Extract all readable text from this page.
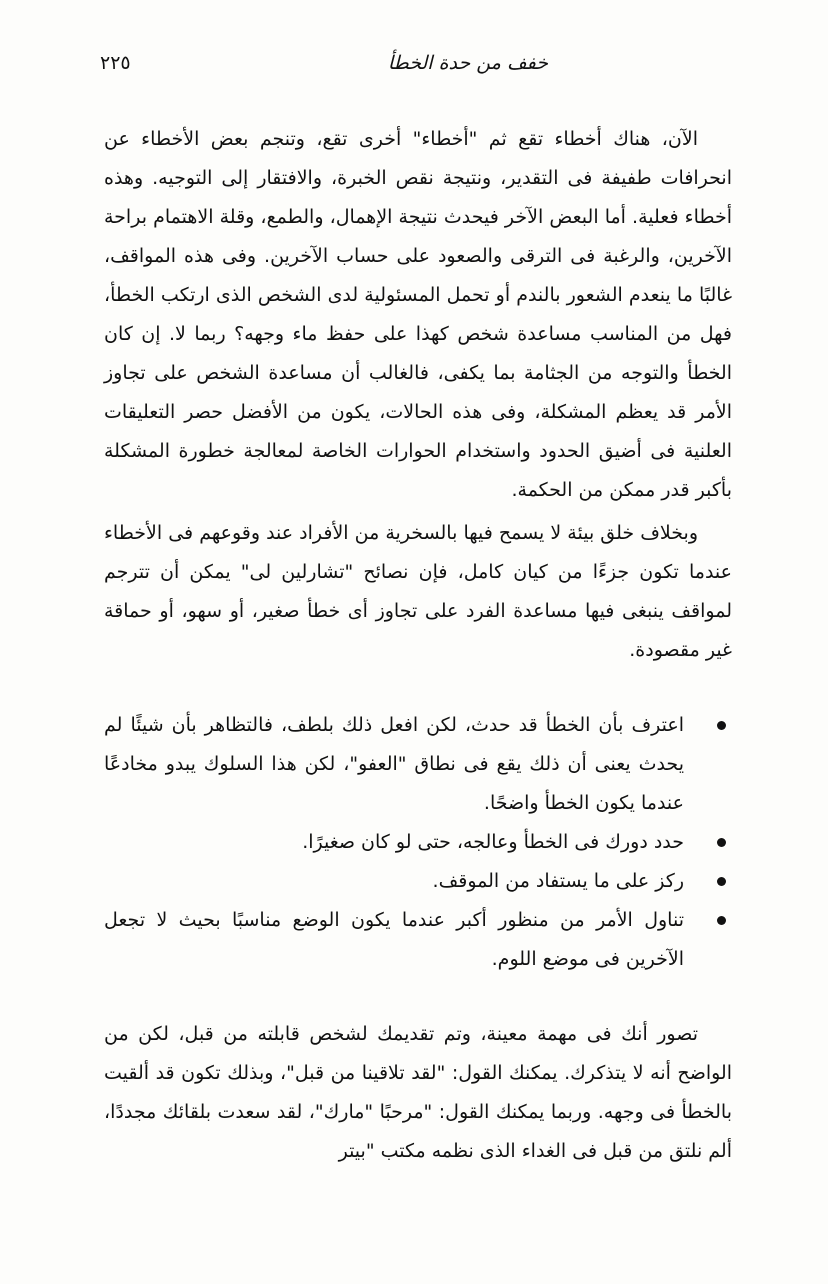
خفف من حدة الخطأ
٢٢٥

الآن، هناك أخطاء تقع ثم "أخطاء" أخرى تقع، وتنجم بعض الأخطاء عن انحرافات طفيفة فى التقدير، ونتيجة نقص الخبرة، والافتقار إلى التوجيه. وهذه أخطاء فعلية. أما البعض الآخر فيحدث نتيجة الإهمال، والطمع، وقلة الاهتمام براحة الآخرين، والرغبة فى الترقى والصعود على حساب الآخرين. وفى هذه المواقف، غالبًا ما ينعدم الشعور بالندم أو تحمل المسئولية لدى الشخص الذى ارتكب الخطأ، فهل من المناسب مساعدة شخص كهذا على حفظ ماء وجهه؟ ربما لا. إن كان الخطأ والتوجه من الجثامة بما يكفى، فالغالب أن مساعدة الشخص على تجاوز الأمر قد يعظم المشكلة، وفى هذه الحالات، يكون من الأفضل حصر التعليقات العلنية فى أضيق الحدود واستخدام الحوارات الخاصة لمعالجة خطورة المشكلة بأكبر قدر ممكن من الحكمة.

وبخلاف خلق بيئة لا يسمح فيها بالسخرية من الأفراد عند وقوعهم فى الأخطاء عندما تكون جزءًا من كيان كامل، فإن نصائح "تشارلين لى" يمكن أن تترجم لمواقف ينبغى فيها مساعدة الفرد على تجاوز أى خطأ صغير، أو سهو، أو حماقة غير مقصودة.

اعترف بأن الخطأ قد حدث، لكن افعل ذلك بلطف، فالتظاهر بأن شيئًا لم يحدث يعنى أن ذلك يقع فى نطاق "العفو"، لكن هذا السلوك يبدو مخادعًا عندما يكون الخطأ واضحًا.
حدد دورك فى الخطأ وعالجه، حتى لو كان صغيرًا.
ركز على ما يستفاد من الموقف.
تناول الأمر من منظور أكبر عندما يكون الوضع مناسبًا بحيث لا تجعل الآخرين فى موضع اللوم.

تصور أنك فى مهمة معينة، وتم تقديمك لشخص قابلته من قبل، لكن من الواضح أنه لا يتذكرك. يمكنك القول: "لقد تلاقينا من قبل"، وبذلك تكون قد ألقيت بالخطأ فى وجهه. وربما يمكنك القول: "مرحبًا "مارك"، لقد سعدت بلقائك مجددًا، ألم نلتق من قبل فى الغداء الذى نظمه مكتب "بيتر
